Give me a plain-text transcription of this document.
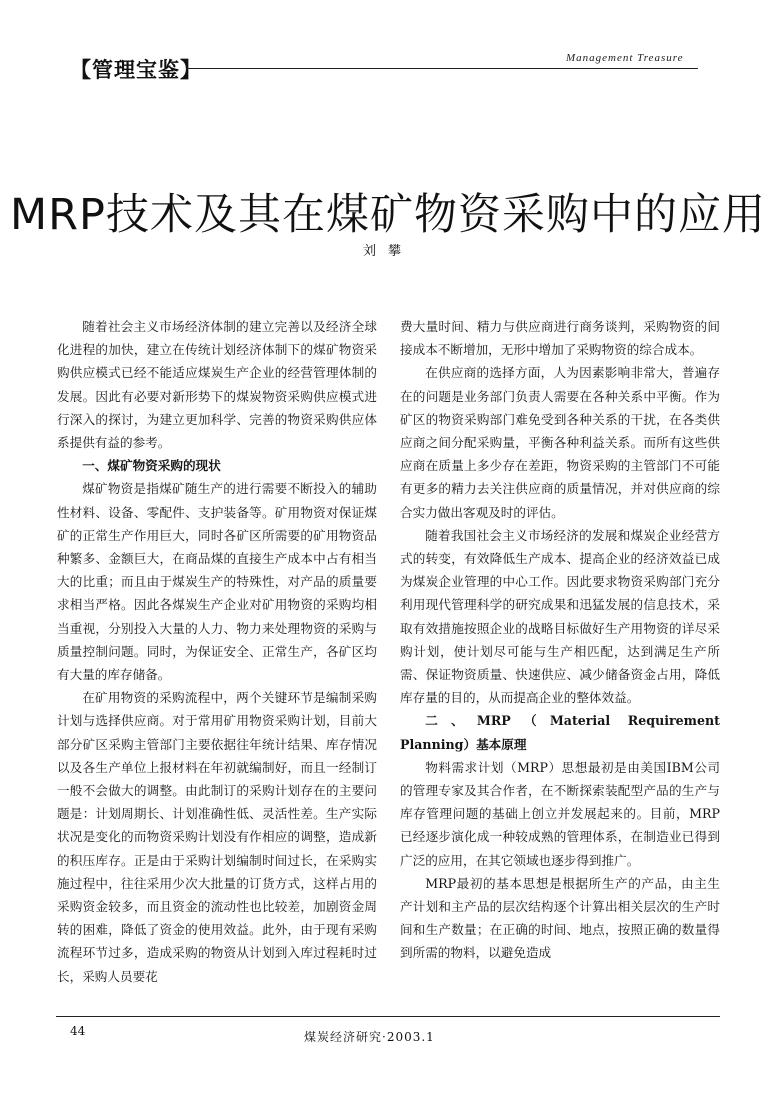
【管理宝鉴】	Management Treasure
MRP技术及其在煤矿物资采购中的应用
刘攀

随着社会主义市场经济体制的建立完善以及经济全球化进程的加快，建立在传统计划经济体制下的煤矿物资采购供应模式已经不能适应煤炭生产企业的经营管理体制的发展。因此有必要对新形势下的煤炭物资采购供应模式进行深入的探讨，为建立更加科学、完善的物资采购供应体系提供有益的参考。

一、煤矿物资采购的现状

煤矿物资是指煤矿随生产的进行需要不断投入的辅助性材料、设备、零配件、支护装备等。矿用物资对保证煤矿的正常生产作用巨大，同时各矿区所需要的矿用物资品种繁多、金额巨大，在商品煤的直接生产成本中占有相当大的比重；而且由于煤炭生产的特殊性，对产品的质量要求相当严格。因此各煤炭生产企业对矿用物资的采购均相当重视，分别投入大量的人力、物力来处理物资的采购与质量控制问题。同时，为保证安全、正常生产，各矿区均有大量的库存储备。

在矿用物资的采购流程中，两个关键环节是编制采购计划与选择供应商。对于常用矿用物资采购计划，目前大部分矿区采购主管部门主要依据往年统计结果、库存情况以及各生产单位上报材料在年初就编制好，而且一经制订一般不会做大的调整。由此制订的采购计划存在的主要问题是：计划周期长、计划准确性低、灵活性差。生产实际状况是变化的而物资采购计划没有作相应的调整，造成新的积压库存。正是由于采购计划编制时间过长，在采购实施过程中，往往采用少次大批量的订货方式，这样占用的采购资金较多，而且资金的流动性也比较差，加剧资金周转的困难，降低了资金的使用效益。此外，由于现有采购流程环节过多，造成采购的物资从计划到入库过程耗时过长，采购人员要花

费大量时间、精力与供应商进行商务谈判，采购物资的间接成本不断增加，无形中增加了采购物资的综合成本。

在供应商的选择方面，人为因素影响非常大，普遍存在的问题是业务部门负责人需要在各种关系中平衡。作为矿区的物资采购部门难免受到各种关系的干扰，在各类供应商之间分配采购量，平衡各种利益关系。而所有这些供应商在质量上多少存在差距，物资采购的主管部门不可能有更多的精力去关注供应商的质量情况，并对供应商的综合实力做出客观及时的评估。

随着我国社会主义市场经济的发展和煤炭企业经营方式的转变，有效降低生产成本、提高企业的经济效益已成为煤炭企业管理的中心工作。因此要求物资采购部门充分利用现代管理科学的研究成果和迅猛发展的信息技术，采取有效措施按照企业的战略目标做好生产用物资的详尽采购计划，使计划尽可能与生产相匹配，达到满足生产所需、保证物资质量、快速供应、减少储备资金占用，降低库存量的目的，从而提高企业的整体效益。

二、MRP（Material Requirement Planning）基本原理

物料需求计划（MRP）思想最初是由美国IBM公司的管理专家及其合作者，在不断探索装配型产品的生产与库存管理问题的基础上创立并发展起来的。目前，MRP已经逐步演化成一种较成熟的管理体系，在制造业已得到广泛的应用，在其它领域也逐步得到推广。

MRP最初的基本思想是根据所生产的产品，由主生产计划和主产品的层次结构逐个计算出相关层次的生产时间和生产数量；在正确的时间、地点，按照正确的数量得到所需的物料，以避免造成

44	煤炭经济研究·2003.1
